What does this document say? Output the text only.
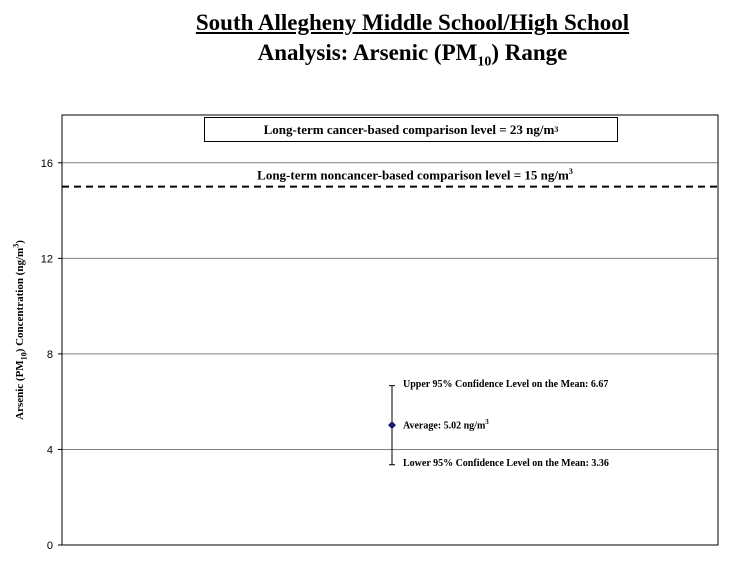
South Allegheny Middle School/High School
Analysis: Arsenic $(PM_{10})$ Range
0
4
8
12
16
Arsenic $(PM_{10})$ Concentration $(ng/m^3)$
Long-term cancer-based comparison level = 23 ng/m 3
Long-term noncancer-based comparison level = 15 $ng/m^3$
Upper 95% Confidence Level on the Mean: 6.67
Average: 5.02 $ng/m^3$
Lower 95% Confidence Level on the Mean: 3.36
